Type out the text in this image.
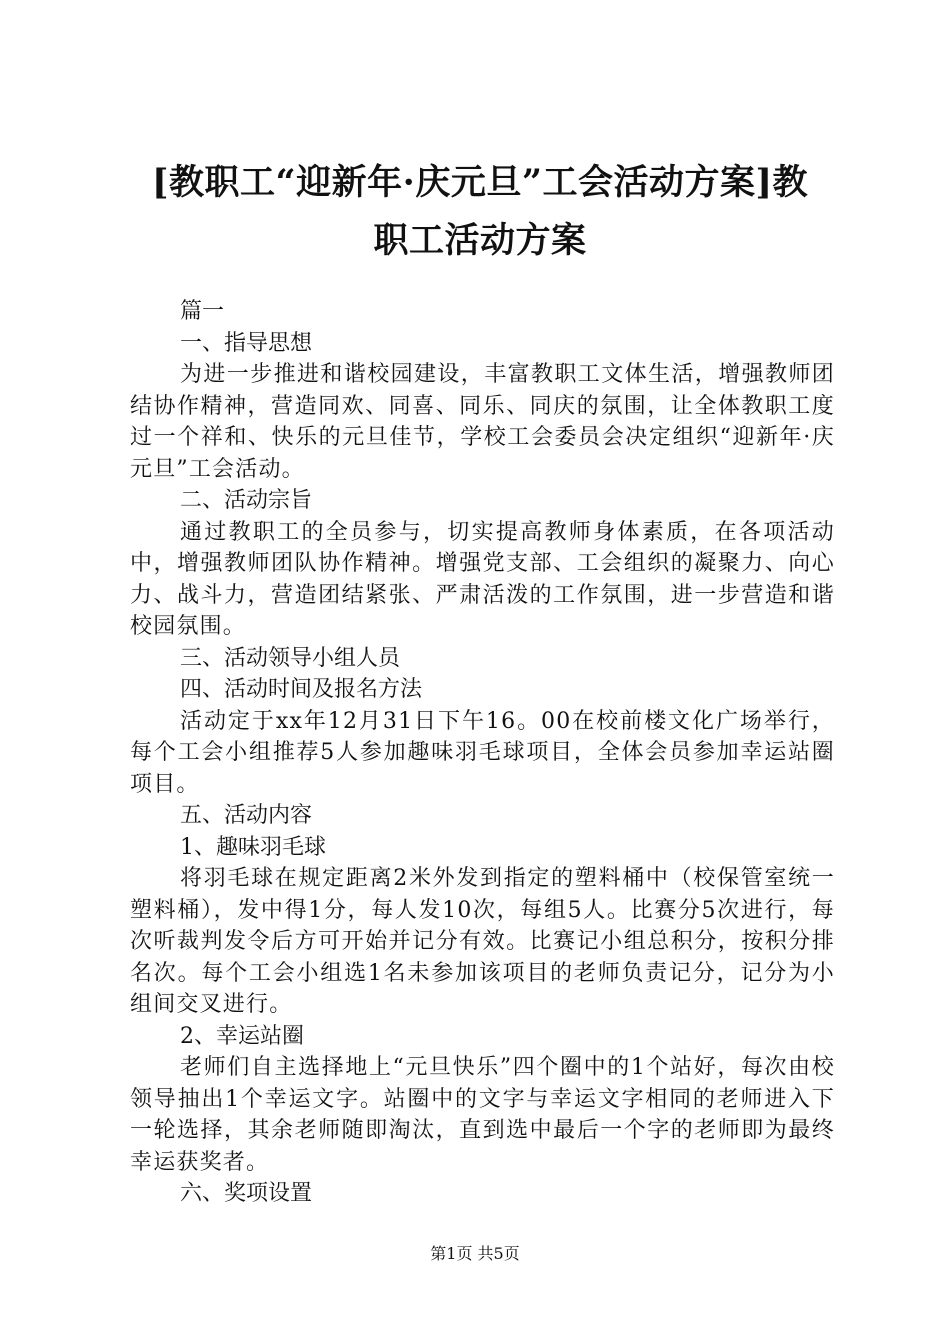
[教职工“迎新年·庆元旦”工会活动方案]教
职工活动方案
篇一
一、指导思想
为进一步推进和谐校园建设，丰富教职工文体生活，增强教师团结协作精神，营造同欢、同喜、同乐、同庆的氛围，让全体教职工度过一个祥和、快乐的元旦佳节，学校工会委员会决定组织“迎新年·庆元旦”工会活动。
二、活动宗旨
通过教职工的全员参与，切实提高教师身体素质，在各项活动中，增强教师团队协作精神。增强党支部、工会组织的凝聚力、向心力、战斗力，营造团结紧张、严肃活泼的工作氛围，进一步营造和谐校园氛围。
三、活动领导小组人员
四、活动时间及报名方法
活动定于xx年12月31日下午16。00在校前楼文化广场举行，每个工会小组推荐5人参加趣味羽毛球项目，全体会员参加幸运站圈项目。
五、活动内容
1、趣味羽毛球
将羽毛球在规定距离2米外发到指定的塑料桶中（校保管室统一塑料桶），发中得1分，每人发10次，每组5人。比赛分5次进行，每次听裁判发令后方可开始并记分有效。比赛记小组总积分，按积分排名次。每个工会小组选1名未参加该项目的老师负责记分，记分为小组间交叉进行。
2、幸运站圈
老师们自主选择地上“元旦快乐”四个圈中的1个站好，每次由校领导抽出1个幸运文字。站圈中的文字与幸运文字相同的老师进入下一轮选择，其余老师随即淘汰，直到选中最后一个字的老师即为最终幸运获奖者。
六、奖项设置
第1页 共5页
